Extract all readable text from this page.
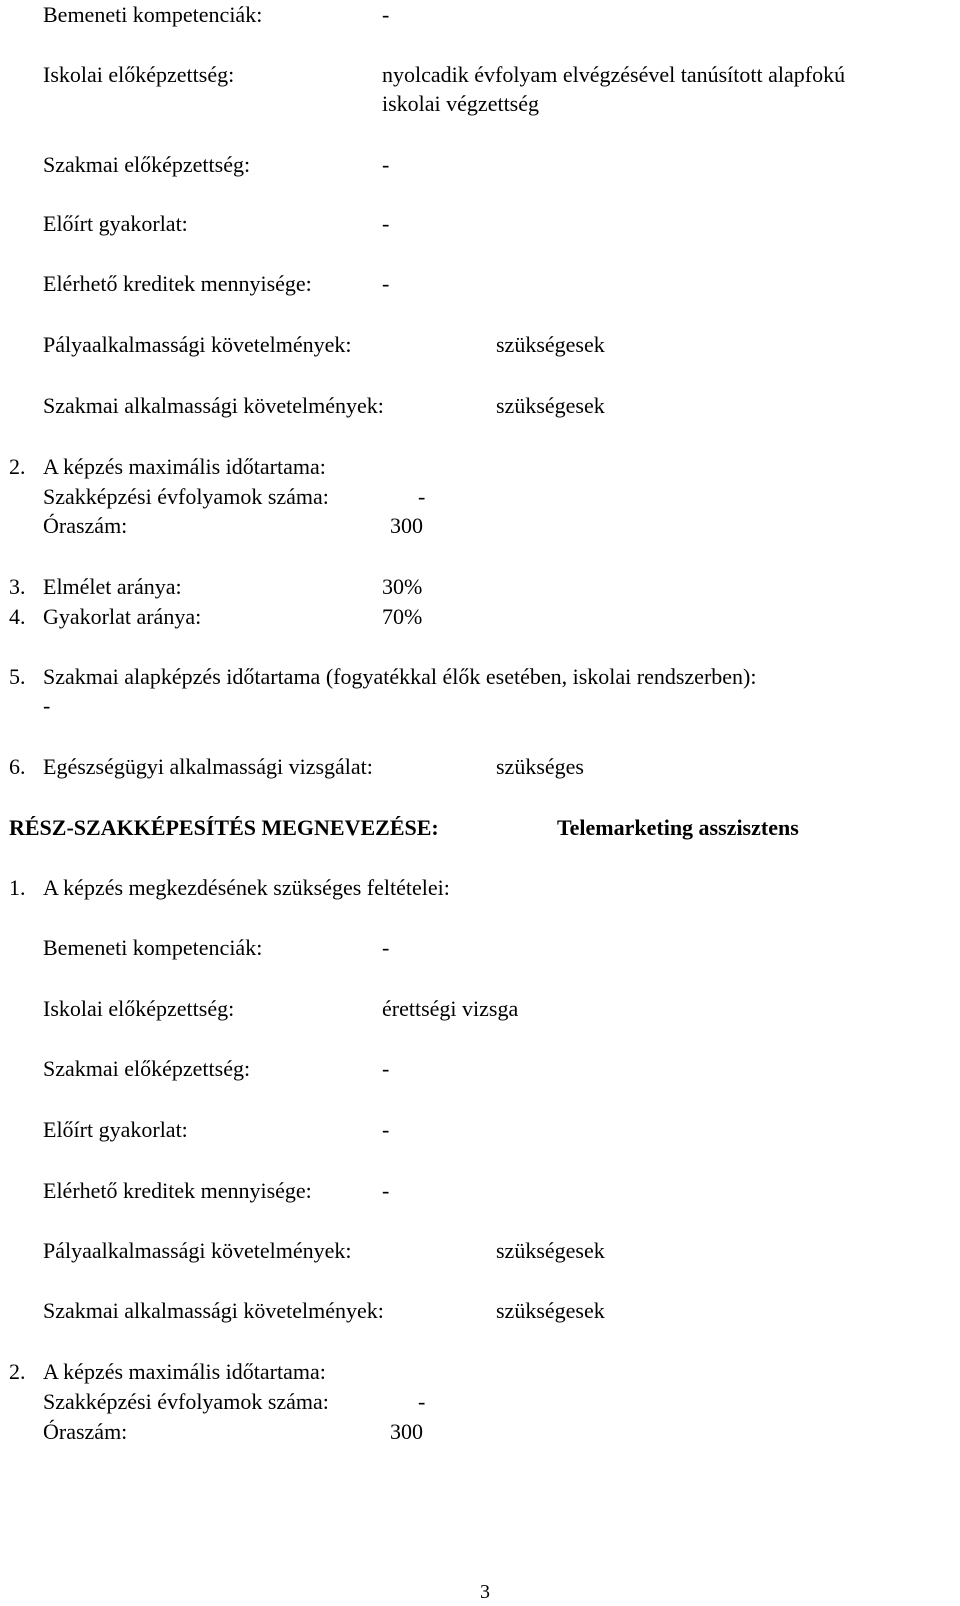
Bemeneti kompetenciák:	-
Iskolai előképzettség:	nyolcadik évfolyam elvégzésével tanúsított alapfokú
iskolai végzettség
Szakmai előképzettség:	-
Előírt gyakorlat:	-
Elérhető kreditek mennyisége:	-
Pályaalkalmassági követelmények:	szükségesek
Szakmai alkalmassági követelmények:	szükségesek
2. A képzés maximális időtartama:
Szakképzési évfolyamok száma:	-
Óraszám:	300
3. Elmélet aránya:	30%
4. Gyakorlat aránya:	70%
5. Szakmai alapképzés időtartama (fogyatékkal élők esetében, iskolai rendszerben):
-
6. Egészségügyi alkalmassági vizsgálat:	szükséges
RÉSZ-SZAKKÉPESÍTÉS MEGNEVEZÉSE:	Telemarketing asszisztens
1. A képzés megkezdésének szükséges feltételei:
Bemeneti kompetenciák:	-
Iskolai előképzettség:	érettségi vizsga
Szakmai előképzettség:	-
Előírt gyakorlat:	-
Elérhető kreditek mennyisége:	-
Pályaalkalmassági követelmények:	szükségesek
Szakmai alkalmassági követelmények:	szükségesek
2. A képzés maximális időtartama:
Szakképzési évfolyamok száma:	-
Óraszám:	300
3
